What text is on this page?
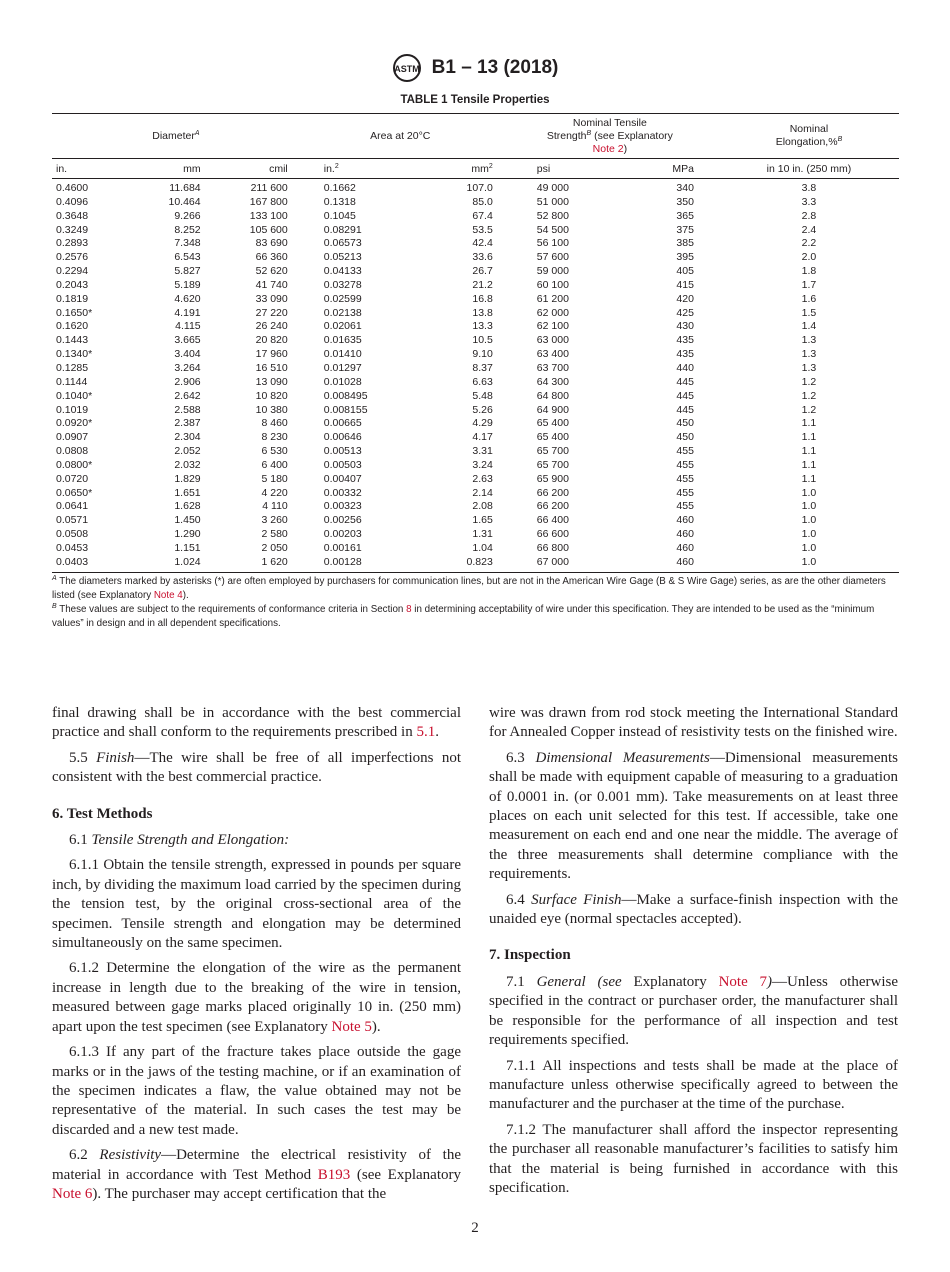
ASTM B1 – 13 (2018)
TABLE 1 Tensile Properties
Diameter$^A$			Area at 20°C		Nominal Tensile
Strength$^B$ (see Explanatory
Note 2)		Nominal
Elongation,%$^B$
in.	mm	cmil	in.$^2$	$mm^2$	psi	MPa	in 10 in. (250 mm)
0.4600	11.684	211 600	0.1662	107.0	49 000	340	3.8
0.4096	10.464	167 800	0.1318	85.0	51 000	350	3.3
0.3648	9.266	133 100	0.1045	67.4	52 800	365	2.8
0.3249	8.252	105 600	0.08291	53.5	54 500	375	2.4
0.2893	7.348	83 690	0.06573	42.4	56 100	385	2.2
0.2576	6.543	66 360	0.05213	33.6	57 600	395	2.0
0.2294	5.827	52 620	0.04133	26.7	59 000	405	1.8
0.2043	5.189	41 740	0.03278	21.2	60 100	415	1.7
0.1819	4.620	33 090	0.02599	16.8	61 200	420	1.6
0.1650*	4.191	27 220	0.02138	13.8	62 000	425	1.5
0.1620	4.115	26 240	0.02061	13.3	62 100	430	1.4
0.1443	3.665	20 820	0.01635	10.5	63 000	435	1.3
0.1340*	3.404	17 960	0.01410	9.10	63 400	435	1.3
0.1285	3.264	16 510	0.01297	8.37	63 700	440	1.3
0.1144	2.906	13 090	0.01028	6.63	64 300	445	1.2
0.1040*	2.642	10 820	0.008495	5.48	64 800	445	1.2
0.1019	2.588	10 380	0.008155	5.26	64 900	445	1.2
0.0920*	2.387	8 460	0.00665	4.29	65 400	450	1.1
0.0907	2.304	8 230	0.00646	4.17	65 400	450	1.1
0.0808	2.052	6 530	0.00513	3.31	65 700	455	1.1
0.0800*	2.032	6 400	0.00503	3.24	65 700	455	1.1
0.0720	1.829	5 180	0.00407	2.63	65 900	455	1.1
0.0650*	1.651	4 220	0.00332	2.14	66 200	455	1.0
0.0641	1.628	4 110	0.00323	2.08	66 200	455	1.0
0.0571	1.450	3 260	0.00256	1.65	66 400	460	1.0
0.0508	1.290	2 580	0.00203	1.31	66 600	460	1.0
0.0453	1.151	2 050	0.00161	1.04	66 800	460	1.0
0.0403	1.024	1 620	0.00128	0.823	67 000	460	1.0
$^A$ The diameters marked by asterisks (*) are often employed by purchasers for communication lines, but are not in the American Wire Gage (B & S Wire Gage) series, as are the other diameters listed (see Explanatory Note 4).
$^B$ These values are subject to the requirements of conformance criteria in Section 8 in determining acceptability of wire under this specification. They are intended to be used as the “minimum values” in design and in all dependent specifications.

final drawing shall be in accordance with the best commercial practice and shall conform to the requirements prescribed in 5.1.

5.5 Finish—The wire shall be free of all imperfections not consistent with the best commercial practice.

6. Test Methods

6.1 Tensile Strength and Elongation:

6.1.1 Obtain the tensile strength, expressed in pounds per square inch, by dividing the maximum load carried by the specimen during the tension test, by the original cross-sectional area of the specimen. Tensile strength and elongation may be determined simultaneously on the same specimen.

6.1.2 Determine the elongation of the wire as the permanent increase in length due to the breaking of the wire in tension, measured between gage marks placed originally 10 in. (250 mm) apart upon the test specimen (see Explanatory Note 5).

6.1.3 If any part of the fracture takes place outside the gage marks or in the jaws of the testing machine, or if an examination of the specimen indicates a flaw, the value obtained may not be representative of the material. In such cases the test may be discarded and a new test made.

6.2 Resistivity—Determine the electrical resistivity of the material in accordance with Test Method B193 (see Explanatory Note 6). The purchaser may accept certification that the

wire was drawn from rod stock meeting the International Standard for Annealed Copper instead of resistivity tests on the finished wire.

6.3 Dimensional Measurements—Dimensional measurements shall be made with equipment capable of measuring to a graduation of 0.0001 in. (or 0.001 mm). Take measurements on at least three places on each unit selected for this test. If accessible, take one measurement on each end and one near the middle. The average of the three measurements shall determine compliance with the requirements.

6.4 Surface Finish—Make a surface-finish inspection with the unaided eye (normal spectacles accepted).

7. Inspection

7.1 General (see Explanatory Note 7)—Unless otherwise specified in the contract or purchaser order, the manufacturer shall be responsible for the performance of all inspection and test requirements specified.

7.1.1 All inspections and tests shall be made at the place of manufacture unless otherwise specifically agreed to between the manufacturer and the purchaser at the time of the purchase.

7.1.2 The manufacturer shall afford the inspector representing the purchaser all reasonable manufacturer’s facilities to satisfy him that the material is being furnished in accordance with this specification.

2
